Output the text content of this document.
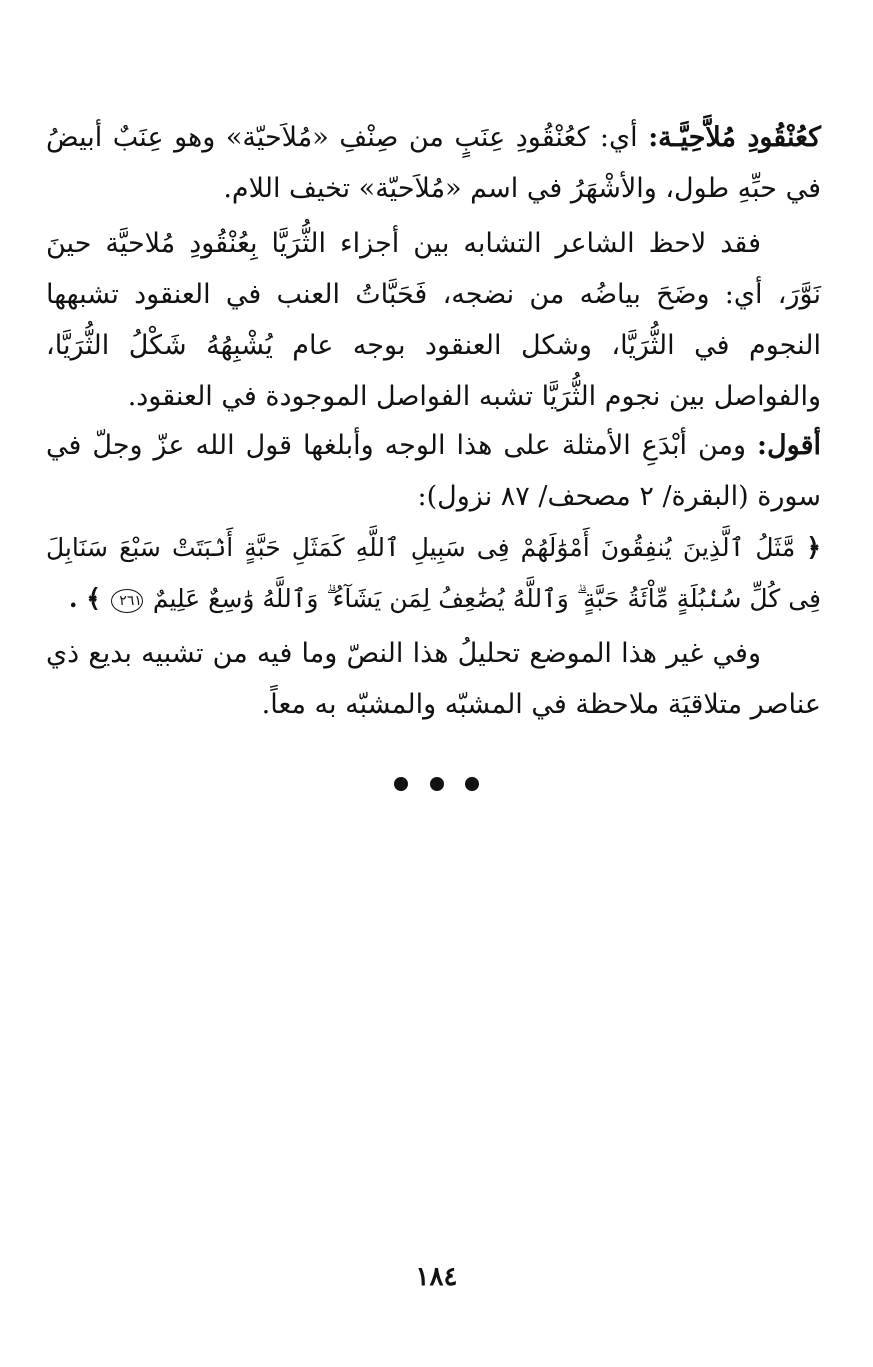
كعُنْقُودِ مُلاَّحِيَّـة: أي: كعُنْقُودِ عِنَبٍ من صِنْفِ «مُلاَحيّة» وهو عِنَبٌ أبيضُ في حبِّهِ طول، والأشْهَرُ في اسم «مُلاَحيّة» تخيف اللام.

فقد لاحظ الشاعر التشابه بين أجزاء الثُّرَيَّا بِعُنْقُودِ مُلاحيَّة حينَ نَوَّرَ، أي: وضَحَ بياضُه من نضجه، فَحَبَّاتُ العنب في العنقود تشبهها النجوم في الثُّرَيَّا، وشكل العنقود بوجه عام يُشْبِهُهُ شَكْلُ الثُّرَيَّا، والفواصل بين نجوم الثُّرَيَّا تشبه الفواصل الموجودة في العنقود.

أقول: ومن أبْدَعِ الأمثلة على هذا الوجه وأبلغها قول الله عزّ وجلّ في سورة (البقرة/ ٢ مصحف/ ٨٧ نزول):

﴿ مَّثَلُ ٱلَّذِينَ يُنفِقُونَ أَمْوَٰلَهُمْ فِى سَبِيلِ ٱللَّهِ كَمَثَلِ حَبَّةٍ أَنۢبَتَتْ سَبْعَ سَنَابِلَ فِى كُلِّ سُنۢبُلَةٍ مِّاْئَةُ حَبَّةٍ ۗ وَٱللَّهُ يُضَٰعِفُ لِمَن يَشَآءُ ۗ وَٱللَّهُ وَٰسِعٌ عَلِيمٌ ٢٦١ ﴾ .

وفي غير هذا الموضع تحليلُ هذا النصّ وما فيه من تشبيه بديع ذي عناصر متلاقيَة ملاحظة في المشبّه والمشبّه به معاً.

١٨٤
